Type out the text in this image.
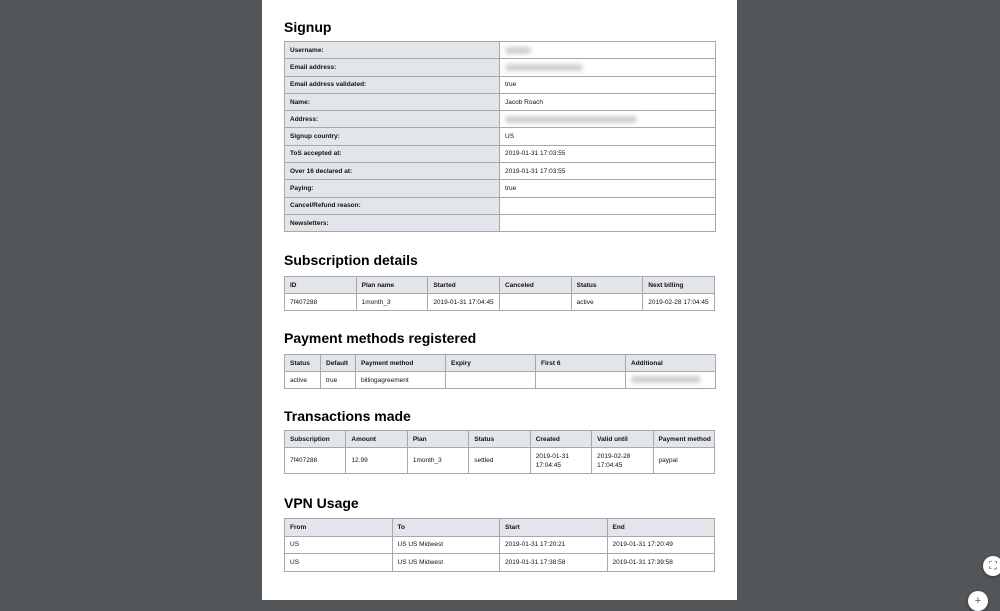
Signup
Username:	
Email address:	
Email address validated:	true
Name:	Jacob Roach
Address:	
Signup country:	US
ToS accepted at:	2019-01-31 17:03:55
Over 16 declared at:	2019-01-31 17:03:55
Paying:	true
Cancel/Refund reason:	
Newsletters:	
Subscription details
ID	Plan name	Started	Canceled	Status	Next billing
7f407288	1month_3	2019-01-31 17:04:45		active	2019-02-28 17:04:45
Payment methods registered
Status	Default	Payment method	Expiry	First 6	Additional
active	true	billingagreement			
Transactions made
Subscription	Amount	Plan	Status	Created	Valid until	Payment method
7f407288	12.99	1month_3	settled	2019-01-31 17:04:45	2019-02-28 17:04:45	paypal
VPN Usage
From	To	Start	End
US	US US Midwest	2019-01-31 17:20:21	2019-01-31 17:20:49
US	US US Midwest	2019-01-31 17:38:58	2019-01-31 17:39:58	⛶
+
